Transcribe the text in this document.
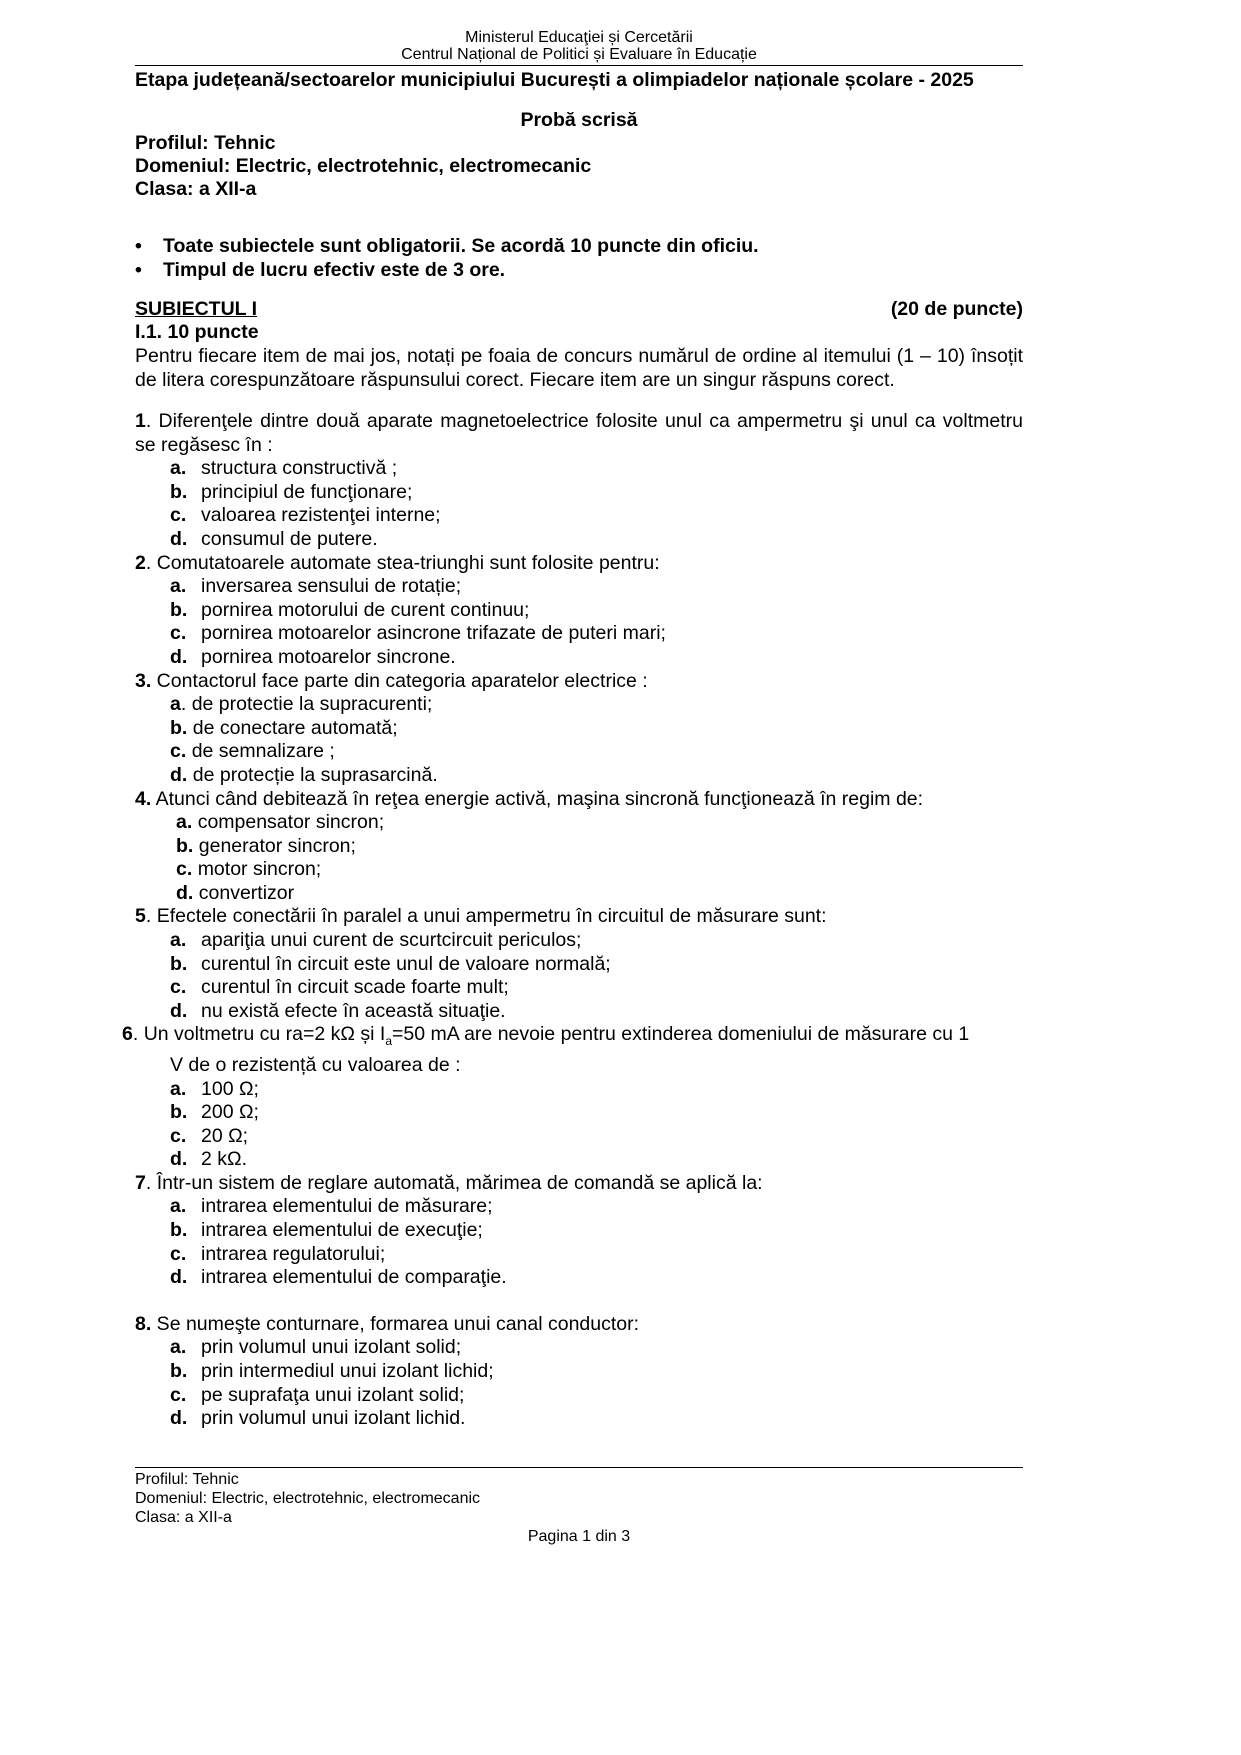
Ministerul Educaţiei și Cercetării
Centrul Național de Politici și Evaluare în Educație
Etapa județeană/sectoarelor municipiului București a olimpiadelor naționale școlare - 2025
Probă scrisă
Profilul: Tehnic
Domeniul: Electric, electrotehnic, electromecanic
Clasa: a XII-a
• Toate subiectele sunt obligatorii. Se acordă 10 puncte din oficiu.
• Timpul de lucru efectiv este de 3 ore.
SUBIECTUL I	(20 de puncte)
I.1. 10 puncte
Pentru fiecare item de mai jos, notați pe foaia de concurs numărul de ordine al itemului (1 – 10) însoțit de litera corespunzătoare răspunsului corect. Fiecare item are un singur răspuns corect.
1. Diferenţele dintre două aparate magnetoelectrice folosite unul ca ampermetru şi unul ca voltmetru se regăsesc în :
a. structura constructivă ;
b. principiul de funcţionare;
c. valoarea rezistenţei interne;
d. consumul de putere.
2. Comutatoarele automate stea-triunghi sunt folosite pentru:
a. inversarea sensului de rotație;
b. pornirea motorului de curent continuu;
c. pornirea motoarelor asincrone trifazate de puteri mari;
d. pornirea motoarelor sincrone.
3. Contactorul face parte din categoria aparatelor electrice :
a. de protectie la supracurenti;
b. de conectare automată;
c. de semnalizare ;
d. de protecție la suprasarcină.
4. Atunci când debitează în reţea energie activă, maşina sincronă funcţionează în regim de:
a. compensator sincron;
b. generator sincron;
c. motor sincron;
d. convertizor
5. Efectele conectării în paralel a unui ampermetru în circuitul de măsurare sunt:
a. apariţia unui curent de scurtcircuit periculos;
b. curentul în circuit este unul de valoare normală;
c. curentul în circuit scade foarte mult;
d. nu există efecte în această situaţie.
6. Un voltmetru cu ra=2 kΩ și $I_a=50$ mA are nevoie pentru extinderea domeniului de măsurare cu 1
V de o rezistență cu valoarea de :
a. 100 Ω;
b. 200 Ω;
c. 20 Ω;
d. 2 kΩ.
7. Într-un sistem de reglare automată, mărimea de comandă se aplică la:
a. intrarea elementului de măsurare;
b. intrarea elementului de execuţie;
c. intrarea regulatorului;
d. intrarea elementului de comparaţie.
8. Se numeşte conturnare, formarea unui canal conductor:
a. prin volumul unui izolant solid;
b. prin intermediul unui izolant lichid;
c. pe suprafaţa unui izolant solid;
d. prin volumul unui izolant lichid.
Profilul: Tehnic
Domeniul: Electric, electrotehnic, electromecanic
Clasa: a XII-a
Pagina 1 din 3
